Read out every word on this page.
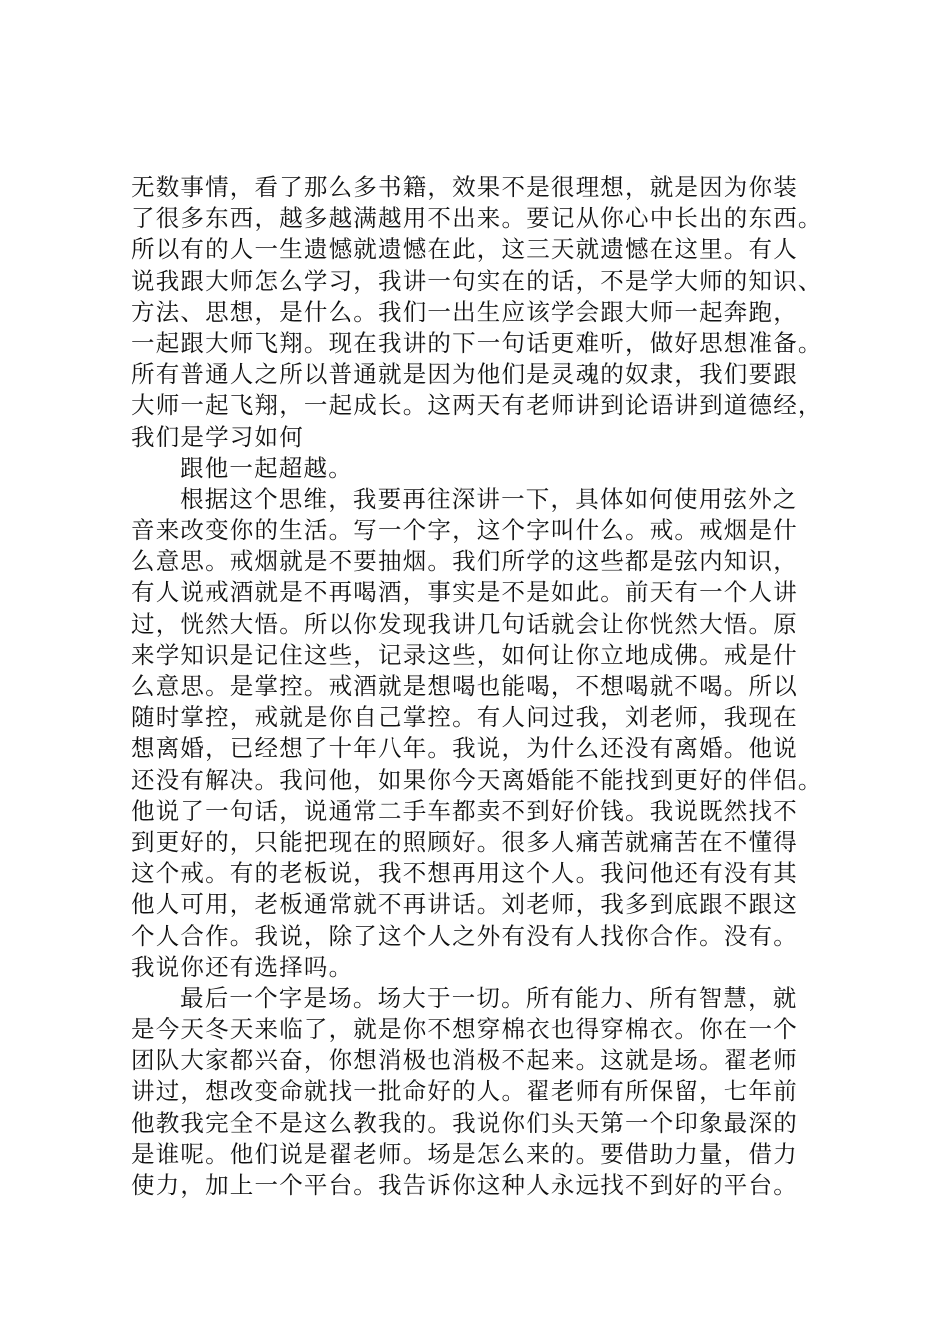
无数事情，看了那么多书籍，效果不是很理想，就是因为你装
了很多东西，越多越满越用不出来。要记从你心中长出的东西。
所以有的人一生遗憾就遗憾在此，这三天就遗憾在这里。有人
说我跟大师怎么学习，我讲一句实在的话，不是学大师的知识、
方法、思想，是什么。我们一出生应该学会跟大师一起奔跑，
一起跟大师飞翔。现在我讲的下一句话更难听，做好思想准备。
所有普通人之所以普通就是因为他们是灵魂的奴隶，我们要跟
大师一起飞翔，一起成长。这两天有老师讲到论语讲到道德经，
我们是学习如何
跟他一起超越。
根据这个思维，我要再往深讲一下，具体如何使用弦外之
音来改变你的生活。写一个字，这个字叫什么。戒。戒烟是什
么意思。戒烟就是不要抽烟。我们所学的这些都是弦内知识，
有人说戒酒就是不再喝酒，事实是不是如此。前天有一个人讲
过，恍然大悟。所以你发现我讲几句话就会让你恍然大悟。原
来学知识是记住这些，记录这些，如何让你立地成佛。戒是什
么意思。是掌控。戒酒就是想喝也能喝，不想喝就不喝。所以
随时掌控，戒就是你自己掌控。有人问过我，刘老师，我现在
想离婚，已经想了十年八年。我说，为什么还没有离婚。他说
还没有解决。我问他，如果你今天离婚能不能找到更好的伴侣。
他说了一句话，说通常二手车都卖不到好价钱。我说既然找不
到更好的，只能把现在的照顾好。很多人痛苦就痛苦在不懂得
这个戒。有的老板说，我不想再用这个人。我问他还有没有其
他人可用，老板通常就不再讲话。刘老师，我多到底跟不跟这
个人合作。我说，除了这个人之外有没有人找你合作。没有。
我说你还有选择吗。
最后一个字是场。场大于一切。所有能力、所有智慧，就
是今天冬天来临了，就是你不想穿棉衣也得穿棉衣。你在一个
团队大家都兴奋，你想消极也消极不起来。这就是场。翟老师
讲过，想改变命就找一批命好的人。翟老师有所保留，七年前
他教我完全不是这么教我的。我说你们头天第一个印象最深的
是谁呢。他们说是翟老师。场是怎么来的。要借助力量，借力
使力，加上一个平台。我告诉你这种人永远找不到好的平台。
